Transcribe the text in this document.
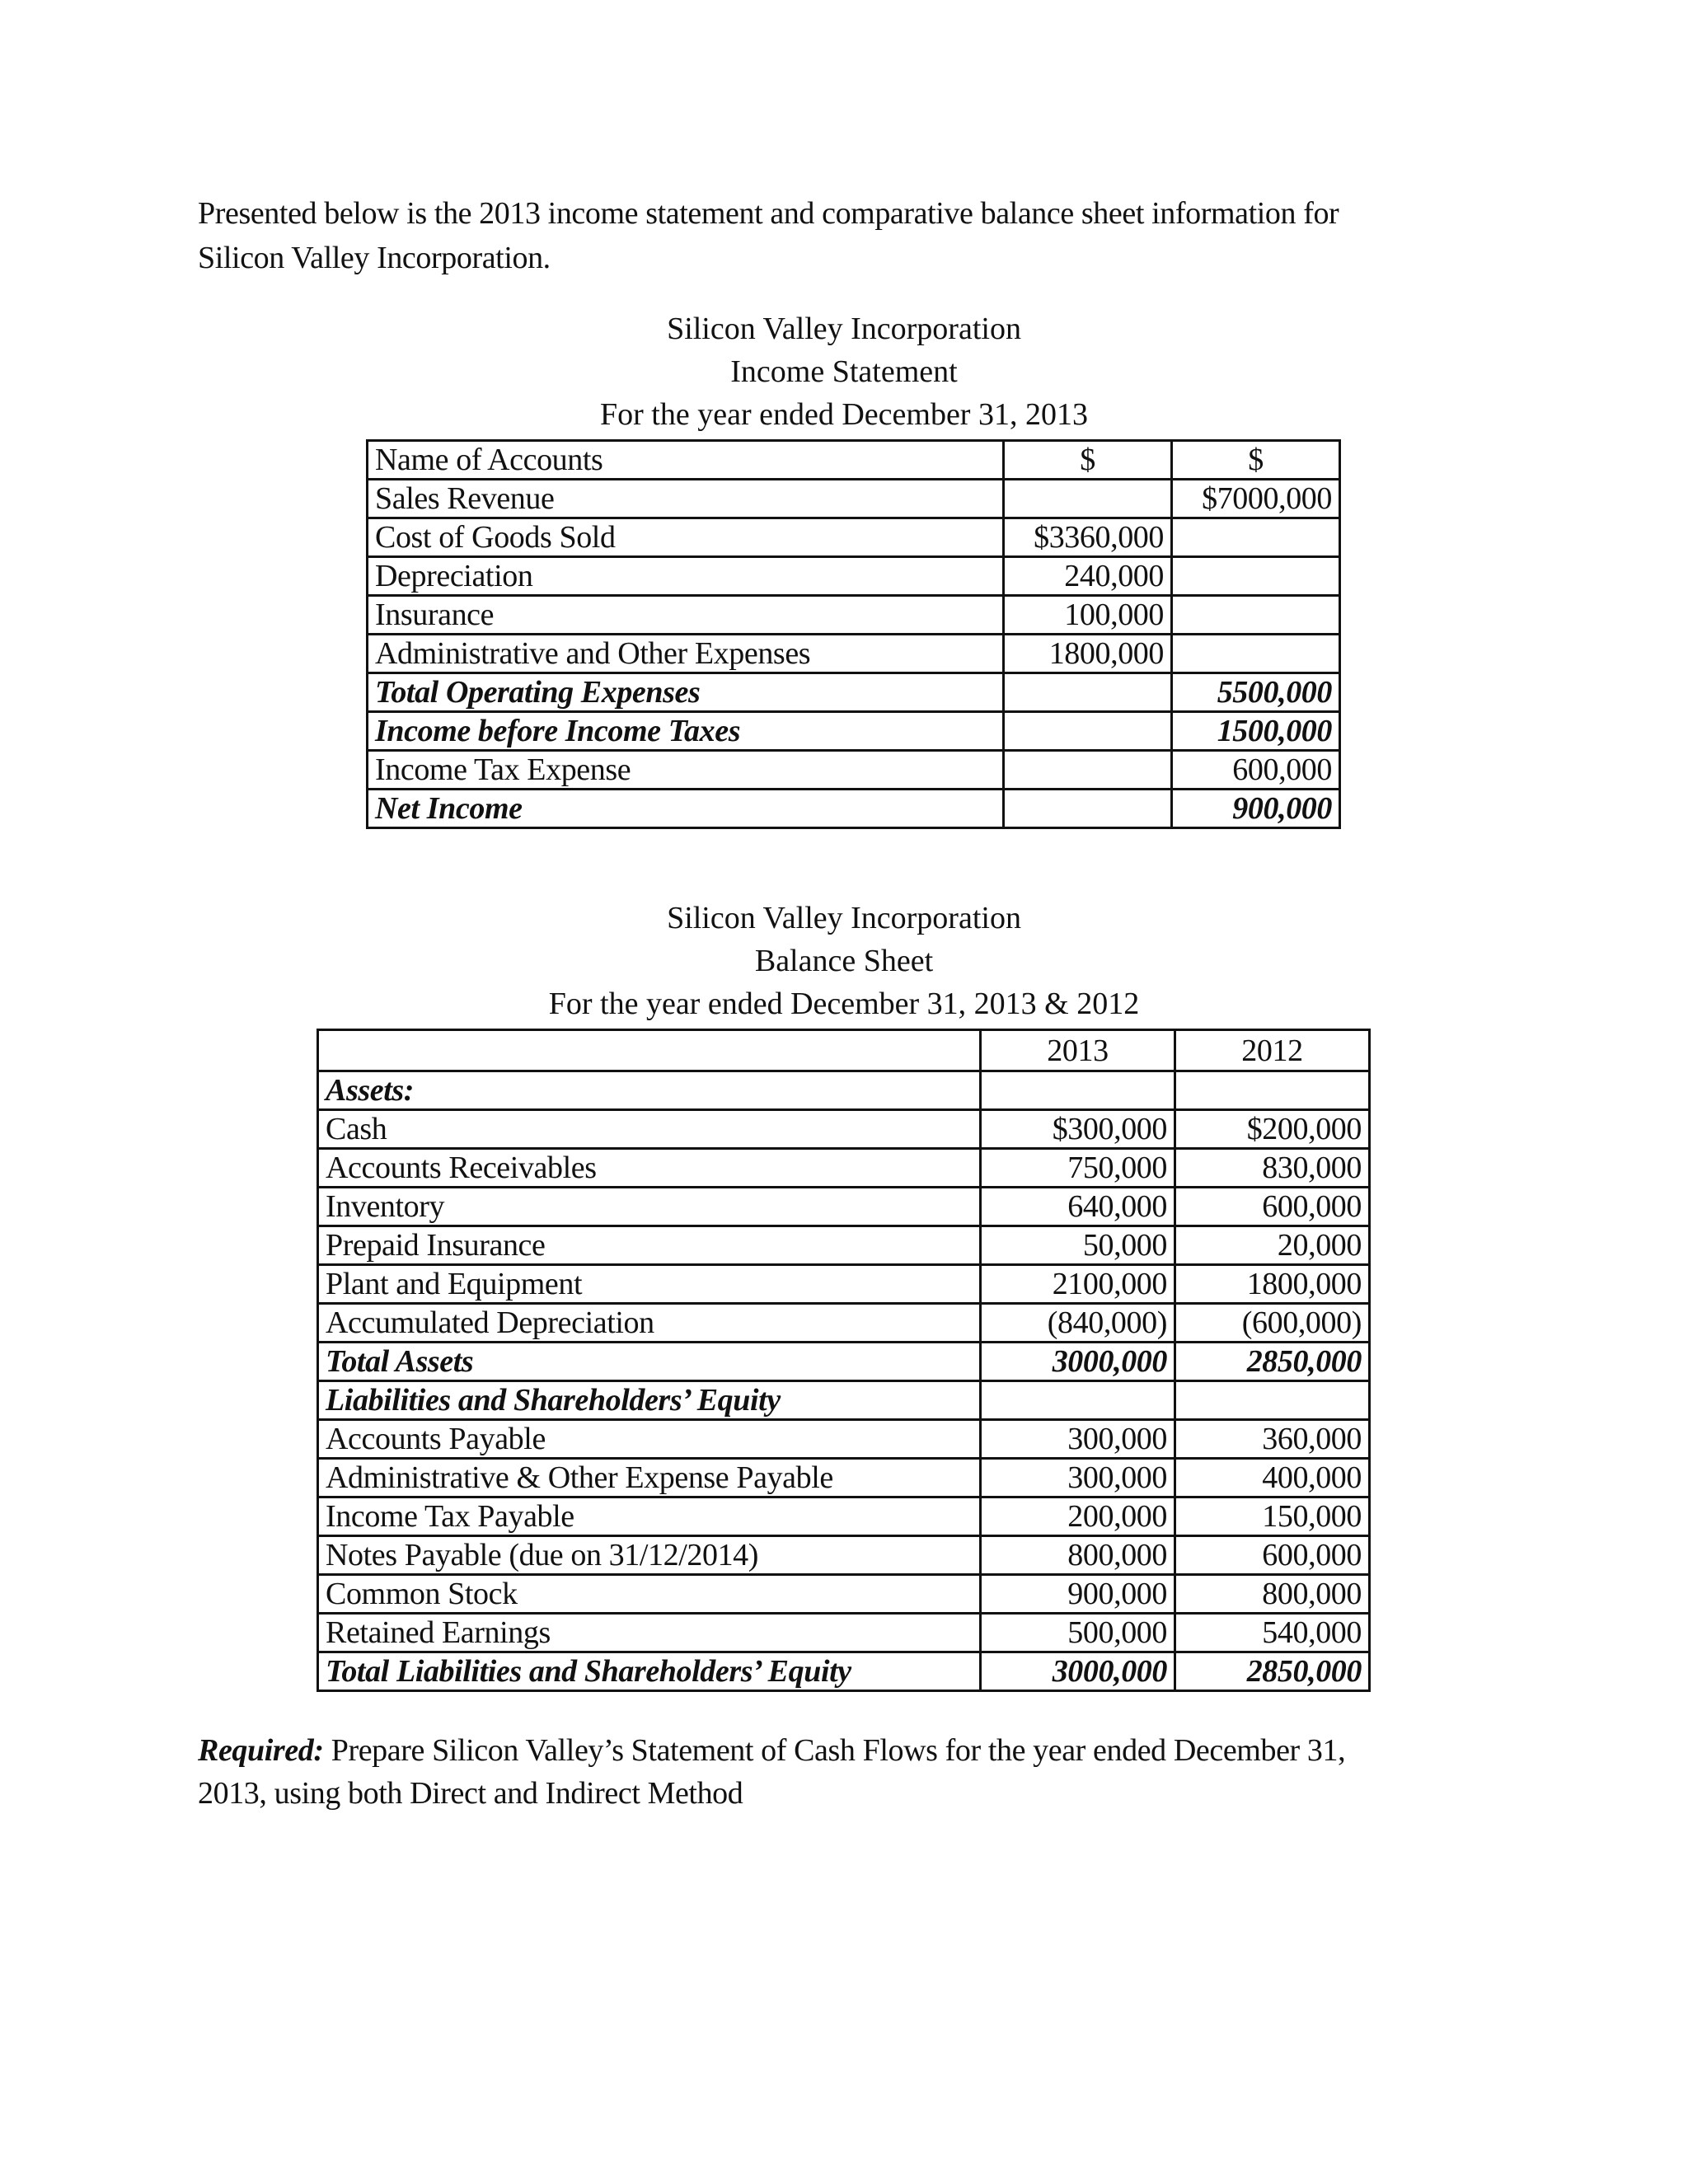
Presented below is the 2013 income statement and comparative balance sheet information for

Silicon Valley Incorporation.

Silicon Valley Incorporation
Income Statement
For the year ended December 31, 2013
Name of Accounts	$	$
Sales Revenue		$7000,000
Cost of Goods Sold	$3360,000	
Depreciation	240,000	
Insurance	100,000	
Administrative and Other Expenses	1800,000	
Total Operating Expenses		5500,000
Income before Income Taxes		1500,000
Income Tax Expense		600,000
Net Income		900,000
Silicon Valley Incorporation
Balance Sheet
For the year ended December 31, 2013 & 2012
	2013	2012
Assets:		
Cash	$300,000	$200,000
Accounts Receivables	750,000	830,000
Inventory	640,000	600,000
Prepaid Insurance	50,000	20,000
Plant and Equipment	2100,000	1800,000
Accumulated Depreciation	(840,000)	(600,000)
Total Assets	3000,000	2850,000
Liabilities and Shareholders’ Equity		
Accounts Payable	300,000	360,000
Administrative & Other Expense Payable	300,000	400,000
Income Tax Payable	200,000	150,000
Notes Payable (due on 31/12/2014)	800,000	600,000
Common Stock	900,000	800,000
Retained Earnings	500,000	540,000
Total Liabilities and Shareholders’ Equity	3000,000	2850,000

Required: Prepare Silicon Valley’s Statement of Cash Flows for the year ended December 31,

2013, using both Direct and Indirect Method
